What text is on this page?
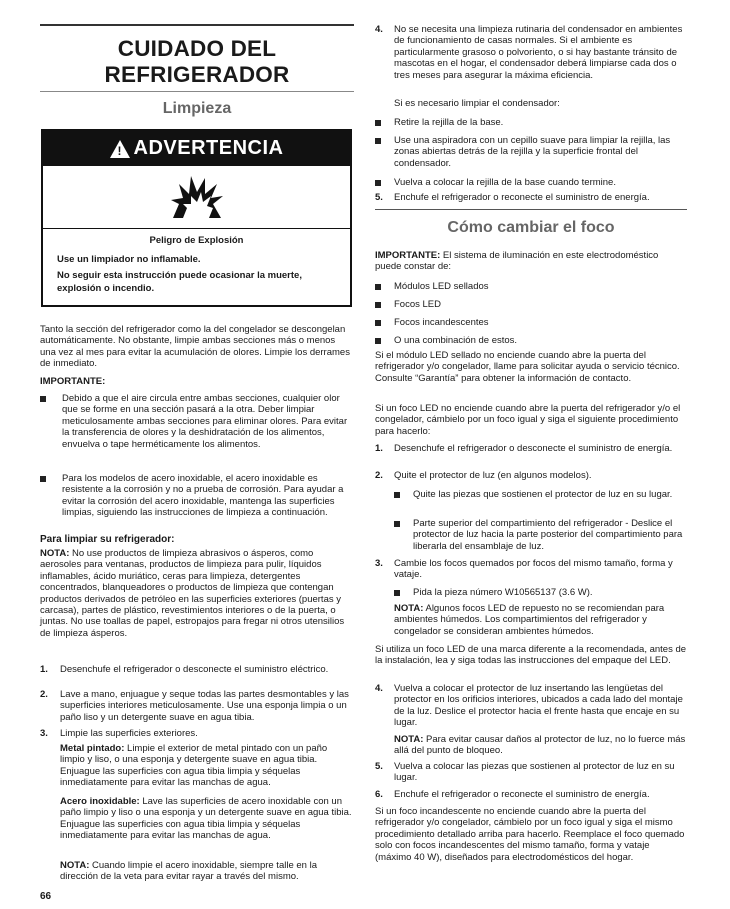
CUIDADO DEL
REFRIGERADOR
Limpieza
! ADVERTENCIA
Peligro de Explosión

Use un limpiador no inflamable.

No seguir esta instrucción puede ocasionar la muerte, explosión o incendio.

Tanto la sección del refrigerador como la del congelador se descongelan automáticamente. No obstante, limpie ambas secciones más o menos una vez al mes para evitar la acumulación de olores. Limpie los derrames de inmediato.

IMPORTANTE:

Debido a que el aire circula entre ambas secciones, cualquier olor que se forme en una sección pasará a la otra. Deber limpiar meticulosamente ambas secciones para eliminar olores. Para evitar la transferencia de olores y la deshidratación de los alimentos, envuelva o tape herméticamente los alimentos.
Para los modelos de acero inoxidable, el acero inoxidable es resistente a la corrosión y no a prueba de corrosión. Para ayudar a evitar la corrosión del acero inoxidable, mantenga las superficies limpias, siguiendo las instrucciones de limpieza a continuación.

Para limpiar su refrigerador:

NOTA: No use productos de limpieza abrasivos o ásperos, como aerosoles para ventanas, productos de limpieza para pulir, líquidos inflamables, ácido muriático, ceras para limpieza, detergentes concentrados, blanqueadores o productos de limpieza que contengan productos derivados de petróleo en las superficies exteriores (puertas y carcasa), partes de plástico, revestimientos interiores o de la puerta, o juntas. No use toallas de papel, estropajos para fregar ni otros utensilios de limpieza ásperos.

1. Desenchufe el refrigerador o desconecte el suministro eléctrico.
2. Lave a mano, enjuague y seque todas las partes desmontables y las superficies interiores meticulosamente. Use una esponja limpia o un paño liso y un detergente suave en agua tibia.
3. Limpie las superficies exteriores.

Metal pintado: Limpie el exterior de metal pintado con un paño limpio y liso, o una esponja y detergente suave en agua tibia. Enjuague las superficies con agua tibia limpia y séquelas inmediatamente para evitar las manchas de agua.

Acero inoxidable: Lave las superficies de acero inoxidable con un paño limpio y liso o una esponja y un detergente suave en agua tibia. Enjuague las superficies con agua tibia limpia y séquelas inmediatamente para evitar las manchas de agua.

NOTA: Cuando limpie el acero inoxidable, siempre talle en la dirección de la veta para evitar rayar a través del mismo.

66
4. No se necesita una limpieza rutinaria del condensador en ambientes de funcionamiento de casas normales. Si el ambiente es particularmente grasoso o polvoriento, o si hay bastante tránsito de mascotas en el hogar, el condensador deberá limpiarse cada dos o tres meses para asegurar la máxima eficiencia.

Si es necesario limpiar el condensador:

Retire la rejilla de la base.
Use una aspiradora con un cepillo suave para limpiar la rejilla, las zonas abiertas detrás de la rejilla y la superficie frontal del condensador.
Vuelva a colocar la rejilla de la base cuando termine.
5. Enchufe el refrigerador o reconecte el suministro de energía.
Cómo cambiar el foco

IMPORTANTE: El sistema de iluminación en este electrodoméstico puede constar de:

Módulos LED sellados
Focos LED
Focos incandescentes
O una combinación de estos.

Si el módulo LED sellado no enciende cuando abre la puerta del refrigerador y/o congelador, llame para solicitar ayuda o servicio técnico. Consulte “Garantía” para obtener la información de contacto.

Si un foco LED no enciende cuando abre la puerta del refrigerador y/o el congelador, cámbielo por un foco igual y siga el siguiente procedimiento para hacerlo:

1. Desenchufe el refrigerador o desconecte el suministro de energía.
2. Quite el protector de luz (en algunos modelos).
Quite las piezas que sostienen el protector de luz en su lugar.
Parte superior del compartimiento del refrigerador - Deslice el protector de luz hacia la parte posterior del compartimiento para liberarla del ensamblaje de luz.
3. Cambie los focos quemados por focos del mismo tamaño, forma y vataje.
Pida la pieza número W10565137 (3.6 W).

NOTA: Algunos focos LED de repuesto no se recomiendan para ambientes húmedos. Los compartimientos del refrigerador y congelador se consideran ambientes húmedos.

Si utiliza un foco LED de una marca diferente a la recomendada, antes de la instalación, lea y siga todas las instrucciones del empaque del LED.

4. Vuelva a colocar el protector de luz insertando las lengüetas del protector en los orificios interiores, ubicados a cada lado del montaje de la luz. Deslice el protector hacia el frente hasta que encaje en su lugar.

NOTA: Para evitar causar daños al protector de luz, no lo fuerce más allá del punto de bloqueo.

5. Vuelva a colocar las piezas que sostienen al protector de luz en su lugar.
6. Enchufe el refrigerador o reconecte el suministro de energía.

Si un foco incandescente no enciende cuando abre la puerta del refrigerador y/o congelador, cámbielo por un foco igual y siga el mismo procedimiento detallado arriba para hacerlo. Reemplace el foco quemado solo con focos incandescentes del mismo tamaño, forma y vataje (máximo 40 W), diseñados para electrodomésticos del hogar.
